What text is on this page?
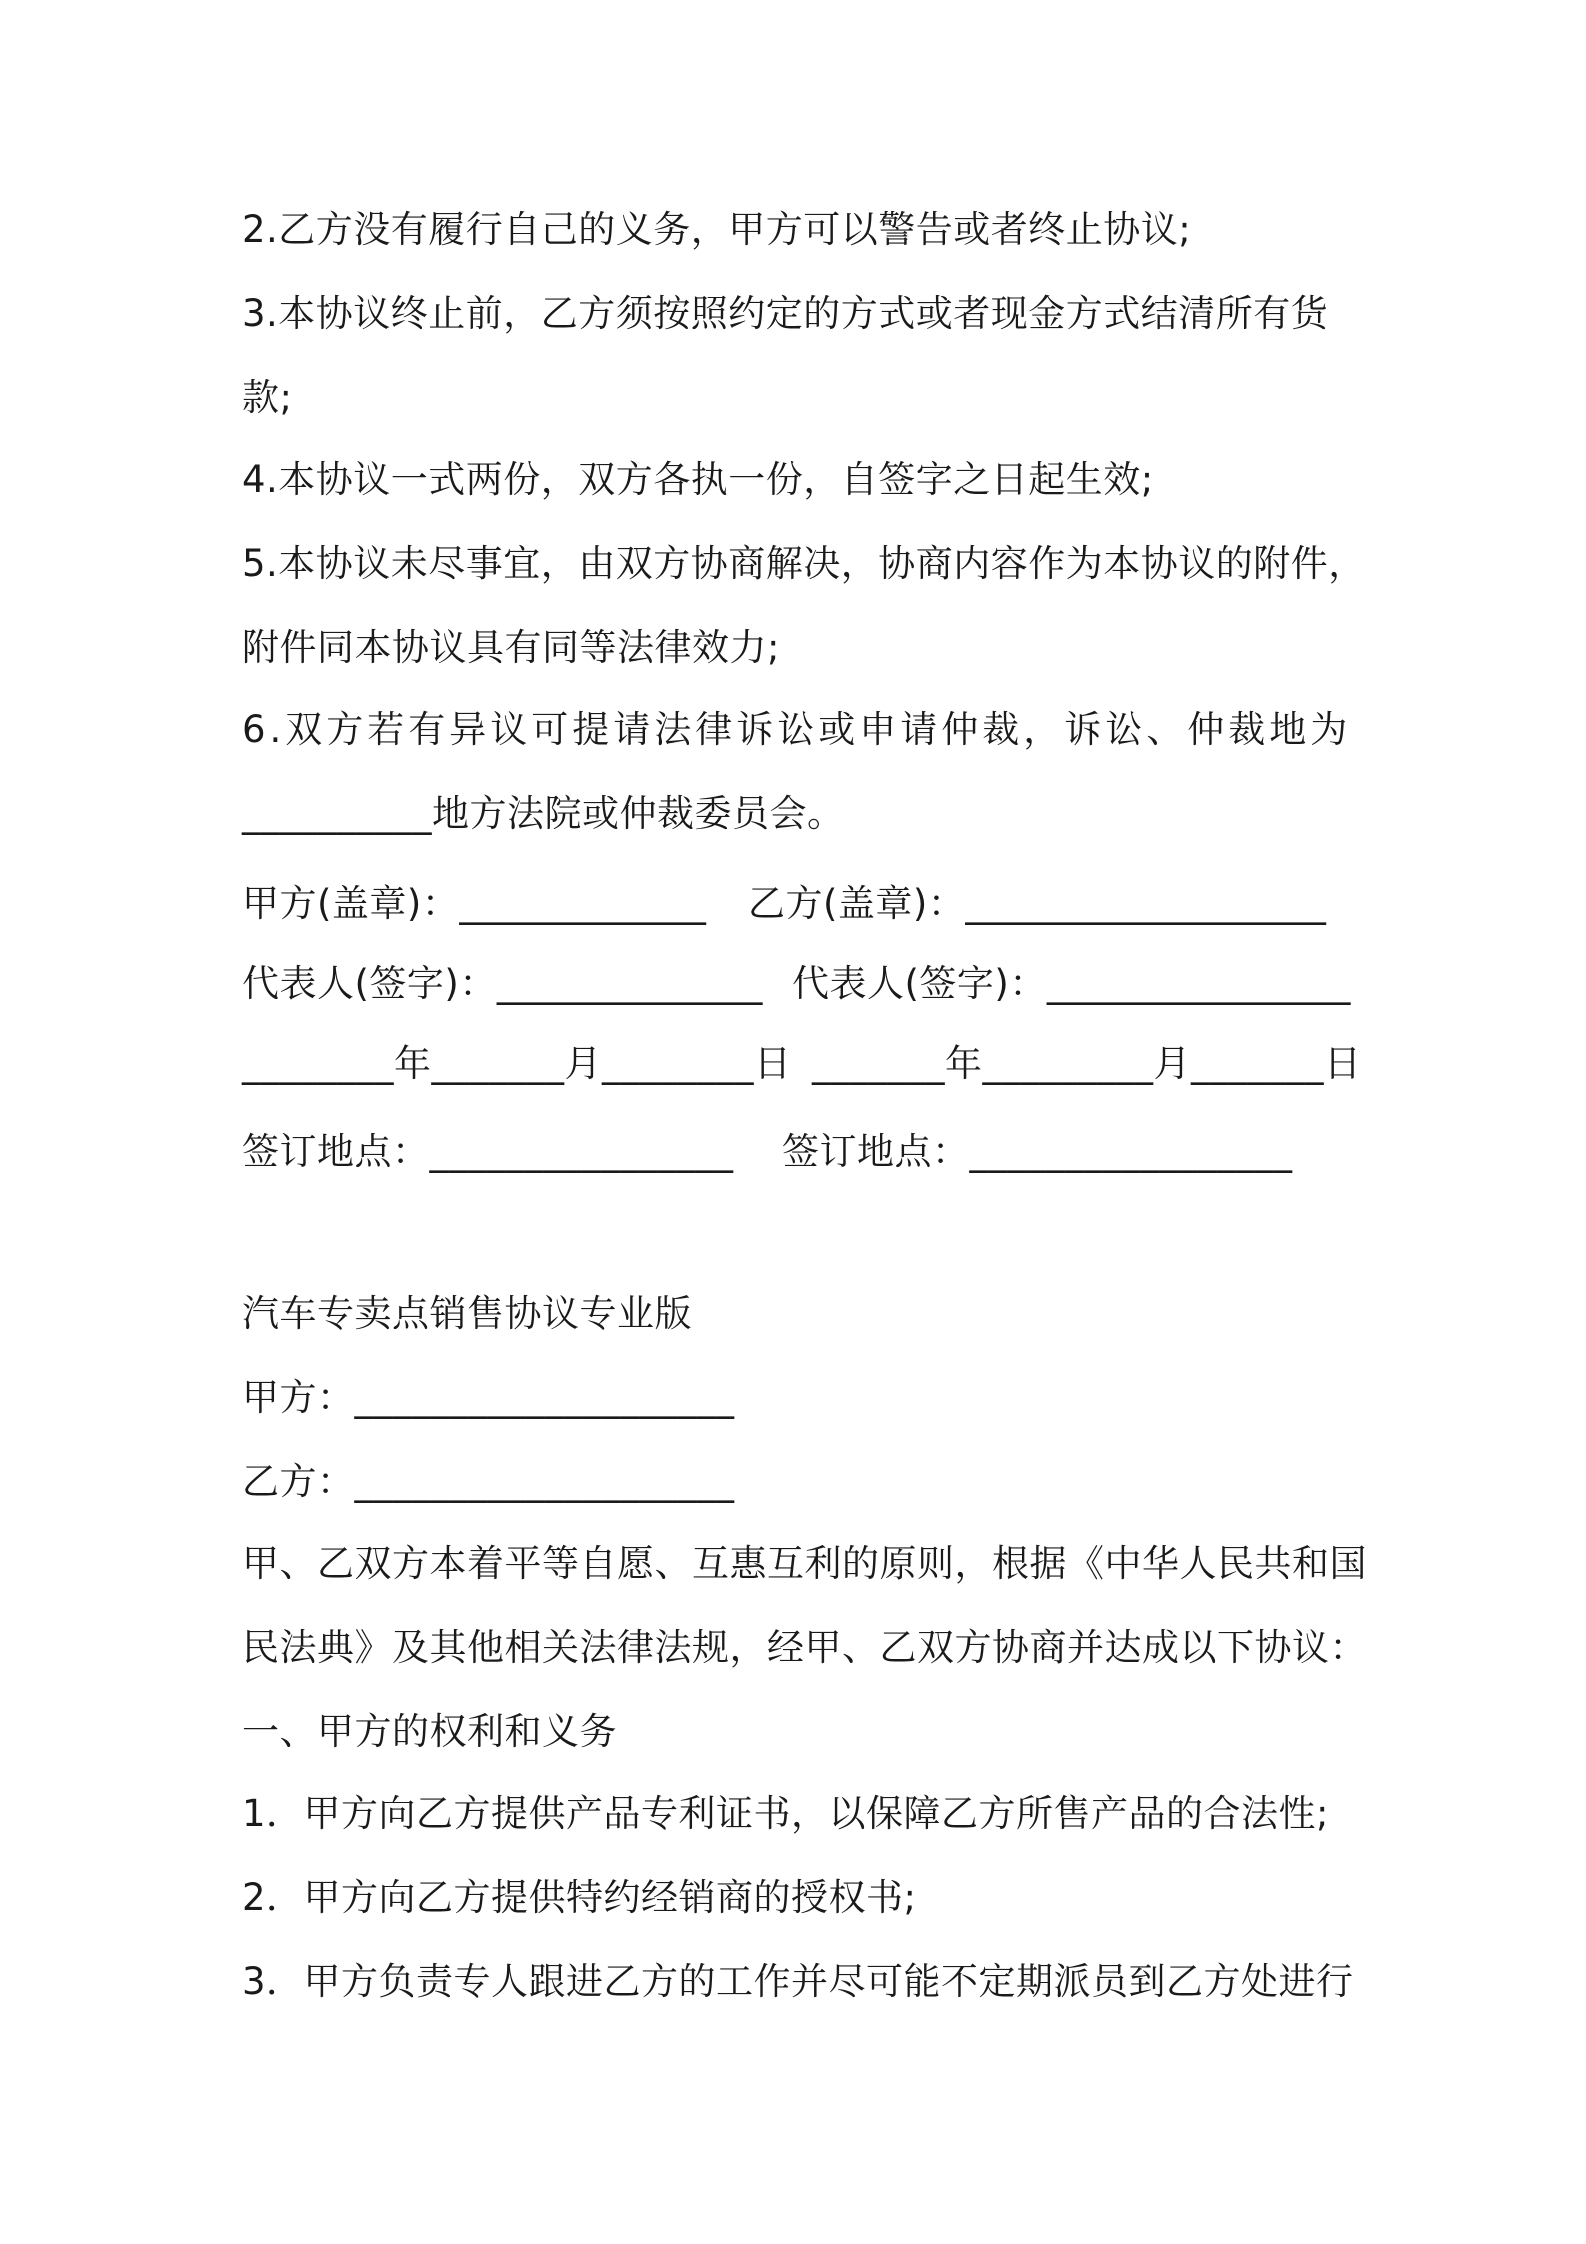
2.乙方没有履行自己的义务，甲方可以警告或者终止协议;
3.本协议终止前，乙方须按照约定的方式或者现金方式结清所有货
款;
4.本协议一式两份，双方各执一份，自签字之日起生效;
5.本协议未尽事宜，由双方协商解决，协商内容作为本协议的附件，
附件同本协议具有同等法律效力;
6.双方若有异议可提请法律诉讼或申请仲裁，诉讼、仲裁地为
__________地方法院或仲裁委员会。
甲方(盖章)：_____________ 乙方(盖章)：___________________
代表人(签字)：______________ 代表人(签字)：________________
________年_______月________日 _______年_________月_______日
签订地点：________________ 签订地点：_________________
汽车专卖点销售协议专业版
甲方：____________________
乙方：____________________
甲、乙双方本着平等自愿、互惠互利的原则，根据《中华人民共和国
民法典》及其他相关法律法规，经甲、乙双方协商并达成以下协议：
一、甲方的权利和义务
1．甲方向乙方提供产品专利证书，以保障乙方所售产品的合法性;
2．甲方向乙方提供特约经销商的授权书;
3．甲方负责专人跟进乙方的工作并尽可能不定期派员到乙方处进行
